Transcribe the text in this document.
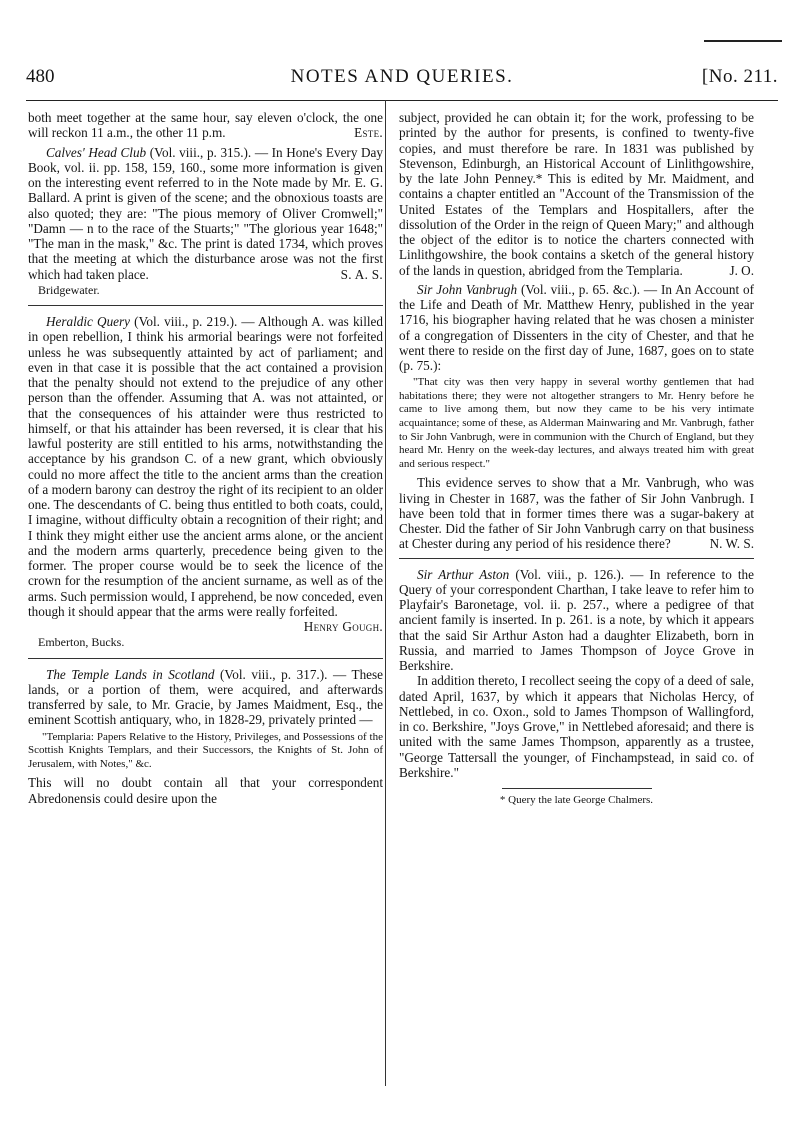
480	NOTES AND QUERIES.	[No. 211.

both meet together at the same hour, say eleven o'clock, the one will reckon 11 a.m., the other 11 p.m.	Este.

Calves' Head Club (Vol. viii., p. 315.). — In Hone's Every Day Book, vol. ii. pp. 158, 159, 160., some more information is given on the interesting event referred to in the Note made by Mr. E. G. Ballard. A print is given of the scene; and the obnoxious toasts are also quoted; they are: "The pious memory of Oliver Cromwell;" "Damn — n to the race of the Stuarts;" "The glorious year 1648;" "The man in the mask," &c. The print is dated 1734, which proves that the meeting at which the disturbance arose was not the first which had taken place.	S. A. S.

Bridgewater.

Heraldic Query (Vol. viii., p. 219.). — Although A. was killed in open rebellion, I think his armorial bearings were not forfeited unless he was subsequently attainted by act of parliament; and even in that case it is possible that the act contained a provision that the penalty should not extend to the prejudice of any other person than the offender. Assuming that A. was not attainted, or that the consequences of his attainder were thus restricted to himself, or that his attainder has been reversed, it is clear that his lawful posterity are still entitled to his arms, notwithstanding the acceptance by his grandson C. of a new grant, which obviously could no more affect the title to the ancient arms than the creation of a modern barony can destroy the right of its recipient to an older one. The descendants of C. being thus entitled to both coats, could, I imagine, without difficulty obtain a recognition of their right; and I think they might either use the ancient arms alone, or the ancient and the modern arms quarterly, precedence being given to the former. The proper course would be to seek the licence of the crown for the resumption of the ancient surname, as well as of the arms. Such permission would, I apprehend, be now conceded, even though it should appear that the arms were really forfeited.

Henry Gough.

Emberton, Bucks.

The Temple Lands in Scotland (Vol. viii., p. 317.). — These lands, or a portion of them, were acquired, and afterwards transferred by sale, to Mr. Gracie, by James Maidment, Esq., the eminent Scottish antiquary, who, in 1828-29, privately printed —

"Templaria: Papers Relative to the History, Privileges, and Possessions of the Scottish Knights Templars, and their Successors, the Knights of St. John of Jerusalem, with Notes," &c.

This will no doubt contain all that your correspondent Abredonensis could desire upon the

subject, provided he can obtain it; for the work, professing to be printed by the author for presents, is confined to twenty-five copies, and must therefore be rare. In 1831 was published by Stevenson, Edinburgh, an Historical Account of Linlithgowshire, by the late John Penney.* This is edited by Mr. Maidment, and contains a chapter entitled an "Account of the Transmission of the United Estates of the Templars and Hospitallers, after the dissolution of the Order in the reign of Queen Mary;" and although the object of the editor is to notice the charters connected with Linlithgowshire, the book contains a sketch of the general history of the lands in question, abridged from the Templaria.	J. O.

Sir John Vanbrugh (Vol. viii., p. 65. &c.). — In An Account of the Life and Death of Mr. Matthew Henry, published in the year 1716, his biographer having related that he was chosen a minister of a congregation of Dissenters in the city of Chester, and that he went there to reside on the first day of June, 1687, goes on to state (p. 75.):

"That city was then very happy in several worthy gentlemen that had habitations there; they were not altogether strangers to Mr. Henry before he came to live among them, but now they came to be his very intimate acquaintance; some of these, as Alderman Mainwaring and Mr. Vanbrugh, father to Sir John Vanbrugh, were in communion with the Church of England, but they heard Mr. Henry on the week-day lectures, and always treated him with great and serious respect."

This evidence serves to show that a Mr. Vanbrugh, who was living in Chester in 1687, was the father of Sir John Vanbrugh. I have been told that in former times there was a sugar-bakery at Chester. Did the father of Sir John Vanbrugh carry on that business at Chester during any period of his residence there?	N. W. S.

Sir Arthur Aston (Vol. viii., p. 126.). — In reference to the Query of your correspondent Charthan, I take leave to refer him to Playfair's Baronetage, vol. ii. p. 257., where a pedigree of that ancient family is inserted. In p. 261. is a note, by which it appears that the said Sir Arthur Aston had a daughter Elizabeth, born in Russia, and married to James Thompson of Joyce Grove in Berkshire.

In addition thereto, I recollect seeing the copy of a deed of sale, dated April, 1637, by which it appears that Nicholas Hercy, of Nettlebed, in co. Oxon., sold to James Thompson of Wallingford, in co. Berkshire, "Joys Grove," in Nettlebed aforesaid; and there is united with the same James Thompson, apparently as a trustee, "George Tattersall the younger, of Finchampstead, in said co. of Berkshire."

* Query the late George Chalmers.
